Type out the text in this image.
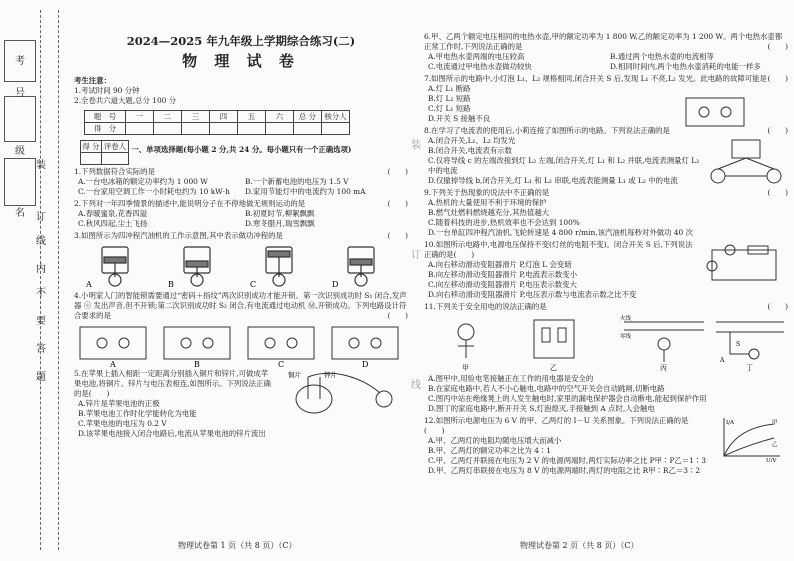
考
号
级
名
装
订
线
内
不
要
答
题
装
订
线
2024—2025 年九年级上学期综合练习(二)
物 理 试 卷
考生注意：
1.考试时间 90 分钟
2.全卷共六道大题,总分 100 分
题　号	一	二	三	四	五	六	总 分	核分人
得　分								
得 分	评卷人
	一、单项选择题(每小题 2 分,共 24 分。每小题只有一个正确选项)
1.下列数据符合实际的是	(　　)
A.一台电冰箱的额定功率约为 1 000 W	B.一个新蓄电池的电压为 1.5 V
C.一台家用空调工作一小时耗电约为 10 kW·h	D.家用节能灯中的电流约为 100 mA
2.下列对一年四季情景的描述中,能说明分子在不停地做无规则运动的是	(　　)
A.春暖蜜泉,花香四溢	B.初夏时节,柳絮飘飘
C.秋风四起,尘土飞扬	D.寒冬腊月,瑞雪飘飘
3.如图所示为四冲程汽油机的工作示意图,其中表示做功冲程的是	(　　)
A	B	C	D
4.小明家人门的智能锁需要通过“密码＋指纹”两次识别成功才能开锁。第一次识别成功时 S₁ 闭合,发声器 ⓢ 发出声音,但不开锁;第二次识别成功时 S₂ 闭合,有电流通过电动机 Ⓜ,开锁成功。下列电路设计符合要求的是	(　　)
A	B	C	D
5.在苹果上插入相距一定距离分别插入铜片和锌片,可做成苹果电池,将铜片、锌片与电压表相连,如图所示。下列说法正确的是(　　)
铜片	锌片
A.锌片是苹果电池的正极
B.苹果电池工作时化学能转化为电能
C.苹果电池的电压为 0.2 V
D.该苹果电池接入闭合电路后,电流从苹果电池的锌片流出
物理试卷第 1 页（共 8 页）（C）
6.甲、乙两个额定电压相同的电热水壶,甲的额定功率为 1 800 W,乙的额定功率为 1 200 W。两个电热水壶都正常工作时,下列说法正确的是	(　　)
A.甲电热水壶两端的电压较高	B.通过两个电热水壶的电流相等
C.电流通过甲电热水壶做功较快	D.相同时间内,两个电热水壶消耗的电能一样多
7.如图所示的电路中,小灯泡 L₁、L₂ 规格相同,闭合开关 S 后,发现 L₁ 不亮,L₂ 发光。此电路的故障可能是 (　　)
A.灯 L₁ 断路
B.灯 L₂ 短路
C.灯 L₁ 短路
D.开关 S 接触不良
8.在学习了电流表的使用后,小莉连接了如图所示的电路。下列说法正确的是	(　　)
A.闭合开关,L₁、L₂ 均发光
B.闭合开关,电流表有示数
C.仅将导线 c 的左端改接到灯 L₂ 左端,闭合开关,灯 L₁ 和 L₂ 并联,电流表测量灯 L₂ 中的电流
D.仅撤掉导线 b,闭合开关,灯 L₁ 和 L₂ 串联,电流表能测量 L₁ 或 L₂ 中的电流
9.下列关于热现象的说法中不正确的是	(　　)
A.热机的大量使用不利于环境的保护
B.燃气灶燃料燃烧越充分,其热值越大
C.随着科技的进步,热机效率也不会达到 100%
D.一台单缸四冲程汽油机,飞轮转速是 4 800 r/min,该汽油机每秒对外做功 40 次
10.如图所示电路中,电源电压保持不变(灯丝的电阻不变)。闭合开关 S 后,下列说法正确的是(　　)
A.向右移动滑动变阻器滑片 P,灯泡 L 会变暗
B.向左移动滑动变阻器滑片 P,电流表示数变小
C.向左移动滑动变阻器滑片 P,电压表示数变大
D.向右移动滑动变阻器滑片 P,电压表示数与电流表示数之比不变
11.下列关于安全用电的说法正确的是	(　　)
火线
零线
甲	乙	丙	丁
A
S
A.图甲中,用验电笔接触正在工作的用电器是安全的
B.在家庭电路中,若人不小心触电,电路中的空气开关会自动跳闸,切断电路
C.图丙中站在绝缘凳上的人发生触电时,家里的漏电保护器会自动断电,能起到保护作用
D.图丁的家庭电路中,断开开关 S,灯泡熄灭,手接触到 A 点时,人会触电
12.如图所示电源电压为 6 V 的甲、乙两灯的 I－U 关系图象。下列说法正确的是(　　)
I/A
U/V
甲
乙
A.甲、乙两灯的电阻均随电压增大而减小
B.甲、乙两灯的额定功率之比为 4∶1
C.甲、乙两灯并联接在电压为 2 V 的电源两端时,两灯实际功率之比 P甲∶P乙＝1∶3
D.甲、乙两灯串联接在电压为 8 V 的电源两端时,两灯的电阻之比 R甲∶R乙＝3∶2
物理试卷第 2 页（共 8 页）（C）
